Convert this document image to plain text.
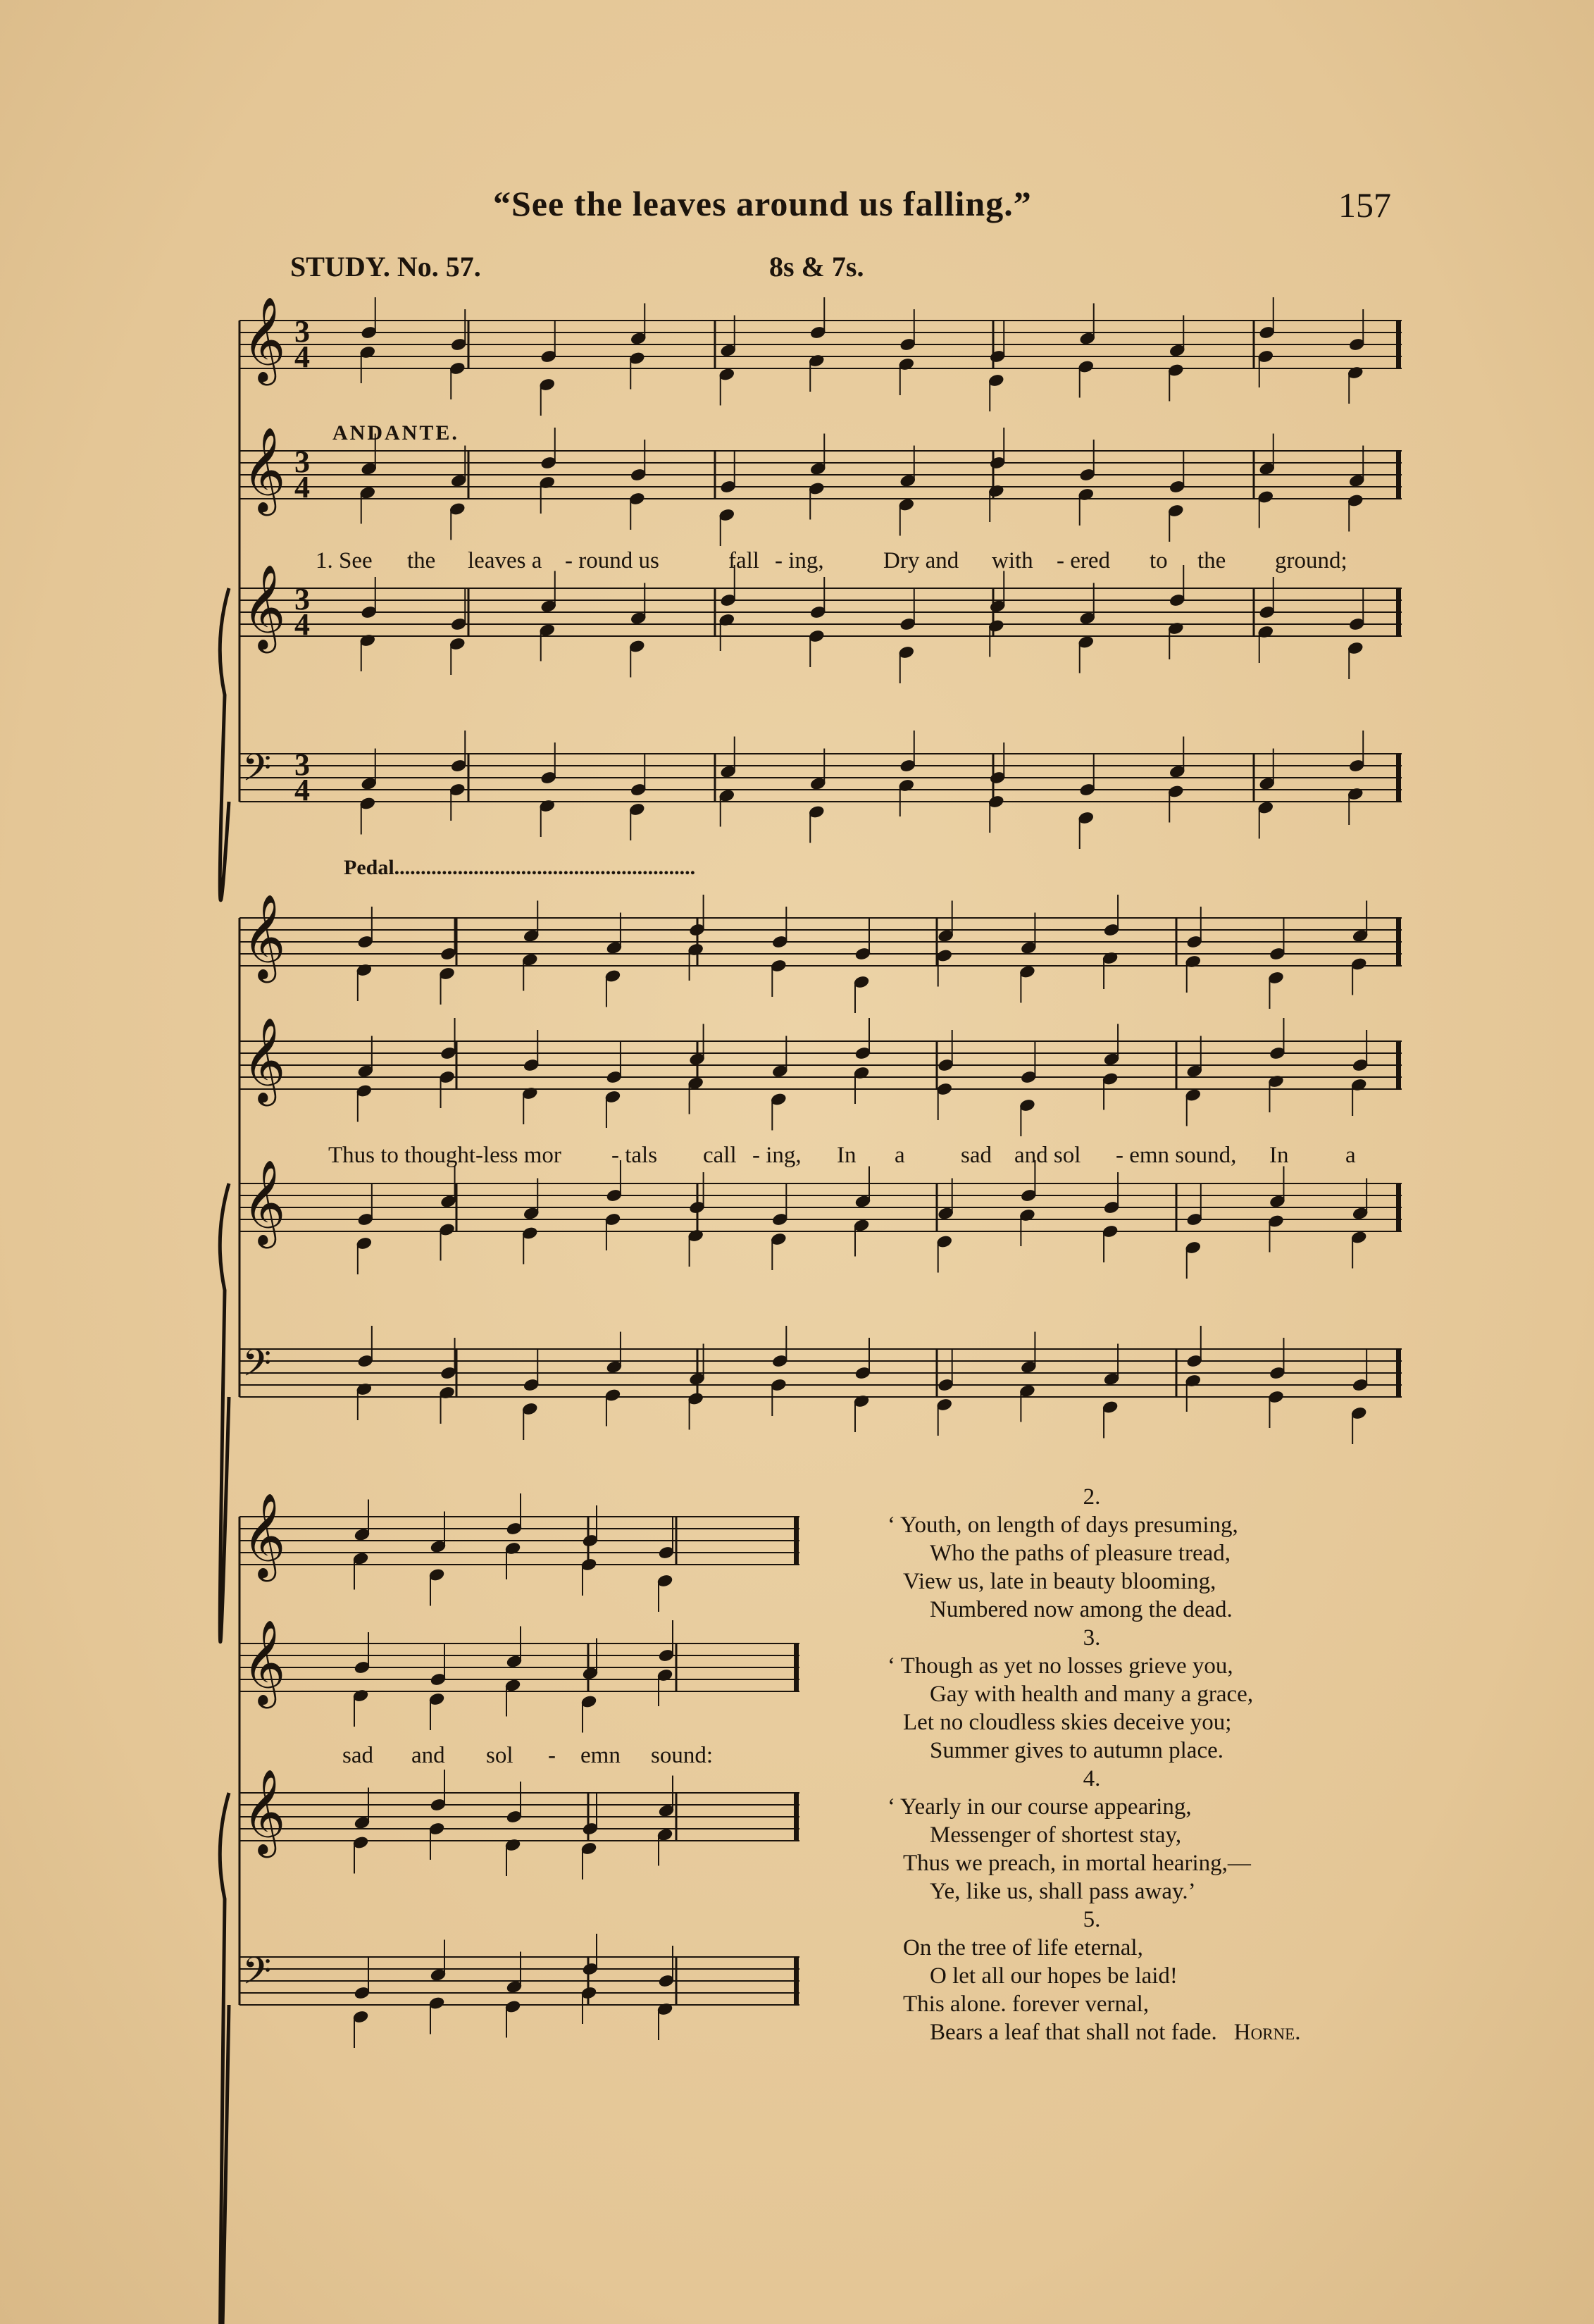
“See the leaves around us falling.”	157
STUDY. No. 57.	8s & 7s.
ANDANTE.
Pedal.........................................................
3
4
𝄞
3
4
𝄞
3
4
𝄞
3
4
𝄢
𝄞
𝄞
𝄞
𝄢
𝄞
𝄞
𝄞
𝄢
1. See the leaves a - round us	fall - ing,	Dry and with - ered to the ground;
Thus to thought-less mor - tals call - ing, In a sad and sol - emn sound, In a
sad and sol - emn sound:
2.
‘ Youth, on length of days presuming,
Who the paths of pleasure tread,
View us, late in beauty blooming,
Numbered now among the dead.
3.
‘ Though as yet no losses grieve you,
Gay with health and many a grace,
Let no cloudless skies deceive you;
Summer gives to autumn place.
4.
‘ Yearly in our course appearing,
Messenger of shortest stay,
Thus we preach, in mortal hearing,—
Ye, like us, shall pass away.’
5.
On the tree of life eternal,
O let all our hopes be laid!
This alone. forever vernal,
Bears a leaf that shall not fade. Horne.
